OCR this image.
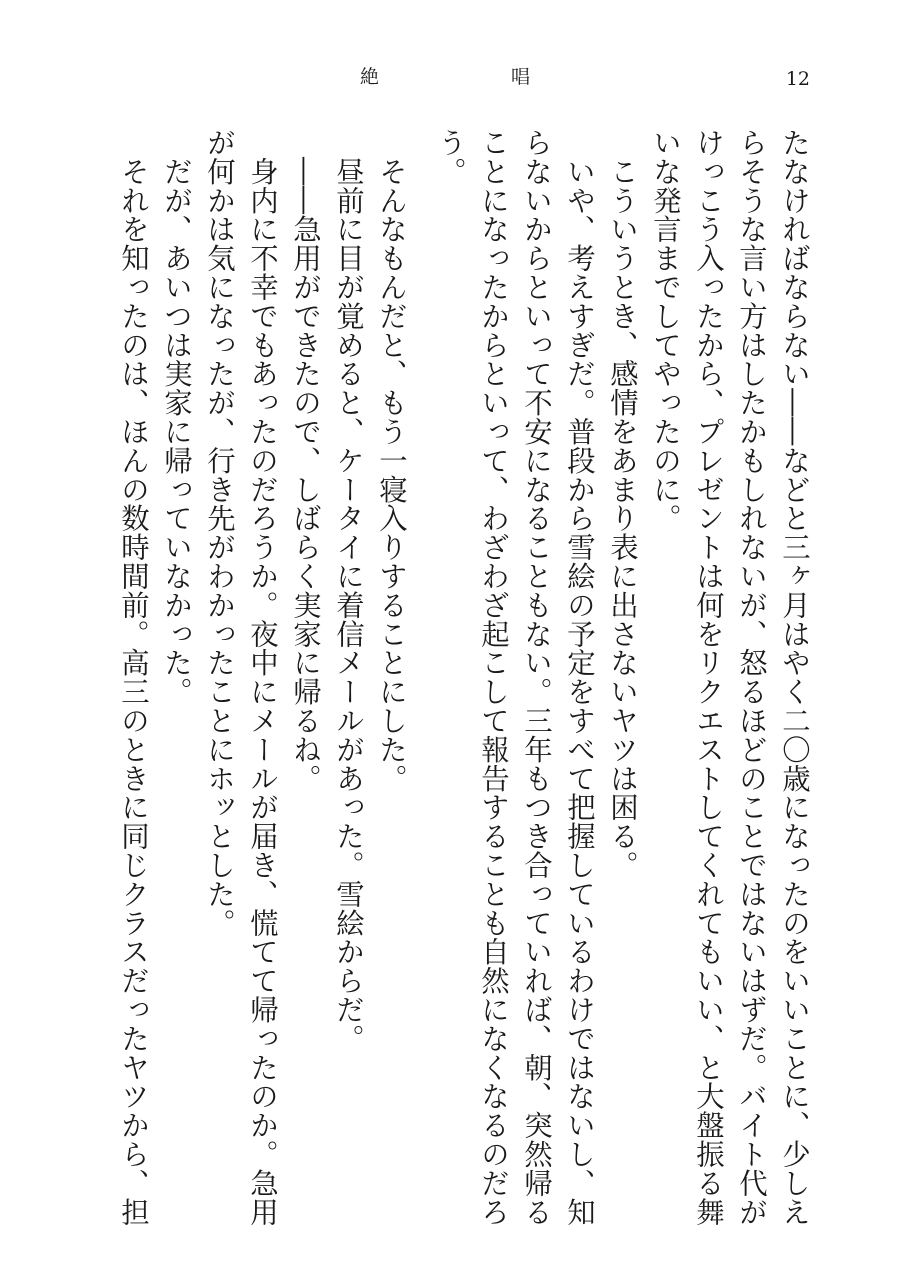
絶	唱	12
たなければならない――などと三ヶ月はやく二〇歳になったのをいいことに、少しえ
らそうな言い方はしたかもしれないが、怒るほどのことではないはずだ。バイト代が
けっこう入ったから、プレゼントは何をリクエストしてくれてもいい、と大盤振る舞
いな発言までしてやったのに。
　こういうとき、感情をあまり表に出さないヤツは困る。
　いや、考えすぎだ。普段から雪絵の予定をすべて把握しているわけではないし、知
らないからといって不安になることもない。三年もつき合っていれば、朝、突然帰る
ことになったからといって、わざわざ起こして報告することも自然になくなるのだろ
う。
　そんなもんだと、もう一寝入りすることにした。
　昼前に目が覚めると、ケータイに着信メールがあった。雪絵からだ。
　――急用ができたので、しばらく実家に帰るね。
　身内に不幸でもあったのだろうか。夜中にメールが届き、慌てて帰ったのか。急用
が何かは気になったが、行き先がわかったことにホッとした。
　だが、あいつは実家に帰っていなかった。
　それを知ったのは、ほんの数時間前。高三のときに同じクラスだったヤツから、担
